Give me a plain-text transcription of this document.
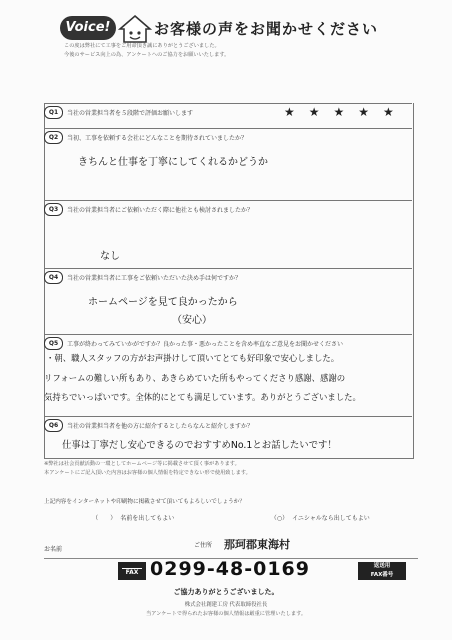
Voice!	お客様の声をお聞かせください
この度は弊社にて工事をご用命頂き誠にありがとうございました。
今後のサービス向上の為、アンケートへのご協力をお願いいたします。
Q1	当社の営業担当者を５段階で評価お願いします	★★★★★
Q2	当初、工事を依頼する会社にどんなことを期待されていましたか？
きちんと仕事を丁寧にしてくれるかどうか
Q3	当社の営業担当者にご依頼いただく際に他社とも検討されましたか？
なし
Q4	当社の営業担当者に工事をご依頼いただいた決め手は何ですか？
ホームページを見て良かったから
（安心）
Q5	工事が終わってみていかがですか？良かった事・悪かったことを含め率直なご意見をお聞かせください
・朝、職人スタッフの方がお声掛けして頂いてとても好印象で安心しました。
リフォームの難しい所もあり、あきらめていた所もやってくださり感謝、感謝の
気持ちでいっぱいです。全体的にとても満足しています。ありがとうございました。
Q6	当社の営業担当者を他の方に紹介するとしたらなんと紹介しますか？
仕事は丁寧だし安心できるのでおすすめNo.1とお話したいです！
※弊社は社会貢献活動の一環としてホームページ等に掲載させて頂く事があります。
本アンケートにご記入頂いた内容はお客様の個人情報を特定できない形で使用致します。
上記内容をインターネットや印刷物に掲載させて頂いてもよろしいでしょうか？
（　　） 名前を出してもよい	（○） イニシャルなら出してもよい
お名前
ご住所 那珂郡東海村
FAX 0299-48-0169	返送用
FAX番号
ご協力ありがとうございました。
株式会社創建工房 代表取締役社長
当アンケートで得られたお客様の個人情報は厳重に管理いたします。
